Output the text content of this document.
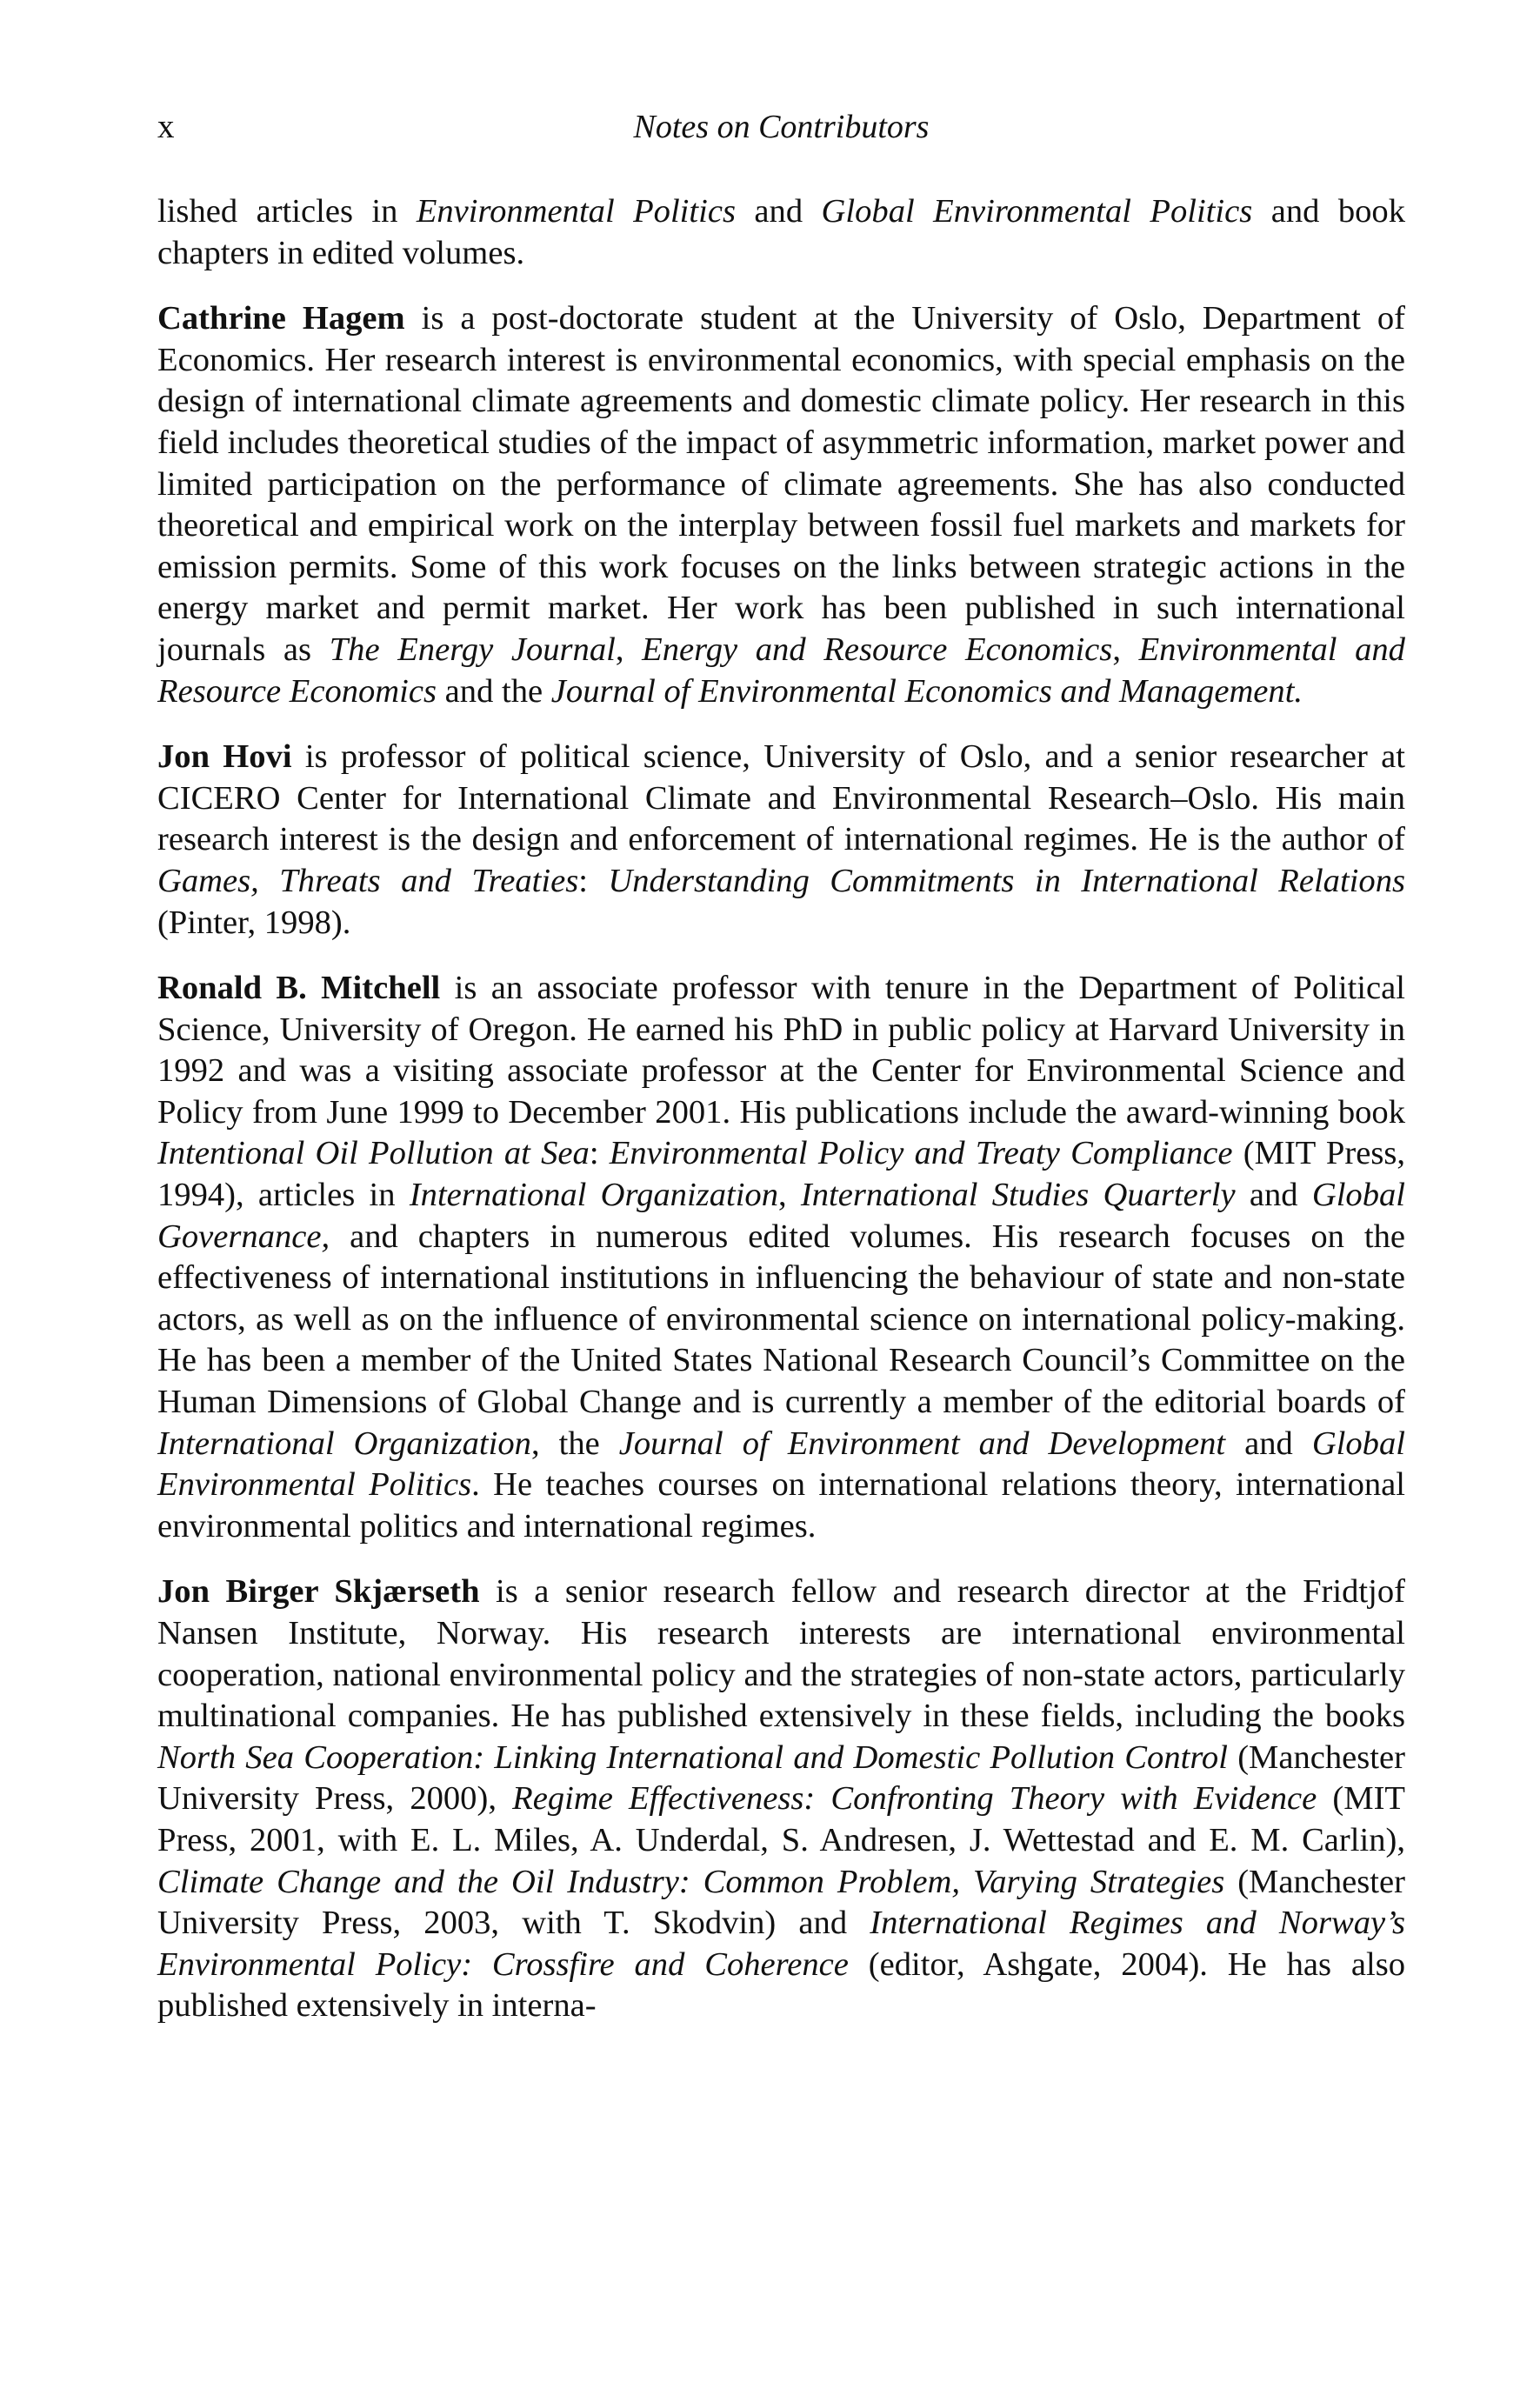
x	Notes on Contributors

lished articles in Environmental Politics and Global Environmental Politics and book chapters in edited volumes.

Cathrine Hagem is a post-doctorate student at the University of Oslo, Department of Economics. Her research interest is environmental economics, with special emphasis on the design of international climate agreements and domestic climate policy. Her research in this field includes theoretical studies of the impact of asymmetric information, market power and limited participation on the performance of climate agreements. She has also conducted theoretical and empirical work on the interplay between fossil fuel markets and markets for emission permits. Some of this work focuses on the links between strategic actions in the energy market and permit market. Her work has been published in such international journals as The Energy Journal, Energy and Resource Economics, Environmental and Resource Economics and the Journal of Environmental Economics and Management.

Jon Hovi is professor of political science, University of Oslo, and a senior researcher at CICERO Center for International Climate and Environmental Research–Oslo. His main research interest is the design and enforcement of international regimes. He is the author of Games, Threats and Treaties: Understanding Commitments in International Relations (Pinter, 1998).

Ronald B. Mitchell is an associate professor with tenure in the Department of Political Science, University of Oregon. He earned his PhD in public policy at Harvard University in 1992 and was a visiting associate professor at the Center for Environmental Science and Policy from June 1999 to December 2001. His publications include the award-winning book Intentional Oil Pollution at Sea: Environmental Policy and Treaty Compliance (MIT Press, 1994), articles in International Organization, International Studies Quarterly and Global Governance, and chapters in numerous edited volumes. His research focuses on the effectiveness of international institutions in influencing the behaviour of state and non-state actors, as well as on the influence of environmental science on international policy-making. He has been a member of the United States National Research Council’s Committee on the Human Dimensions of Global Change and is currently a member of the editorial boards of International Organization, the Journal of Environment and Development and Global Environmental Politics. He teaches courses on international relations theory, international environmental politics and international regimes.

Jon Birger Skjærseth is a senior research fellow and research director at the Fridtjof Nansen Institute, Norway. His research interests are international environmental cooperation, national environmental policy and the strategies of non-state actors, particularly multinational companies. He has published extensively in these fields, including the books North Sea Cooperation: Linking International and Domestic Pollution Control (Manchester University Press, 2000), Regime Effectiveness: Confronting Theory with Evidence (MIT Press, 2001, with E. L. Miles, A. Underdal, S. Andresen, J. Wettestad and E. M. Carlin), Climate Change and the Oil Industry: Common Problem, Varying Strategies (Manchester University Press, 2003, with T. Skodvin) and International Regimes and Norway’s Environmental Policy: Crossfire and Coherence (editor, Ashgate, 2004). He has also published extensively in interna-
